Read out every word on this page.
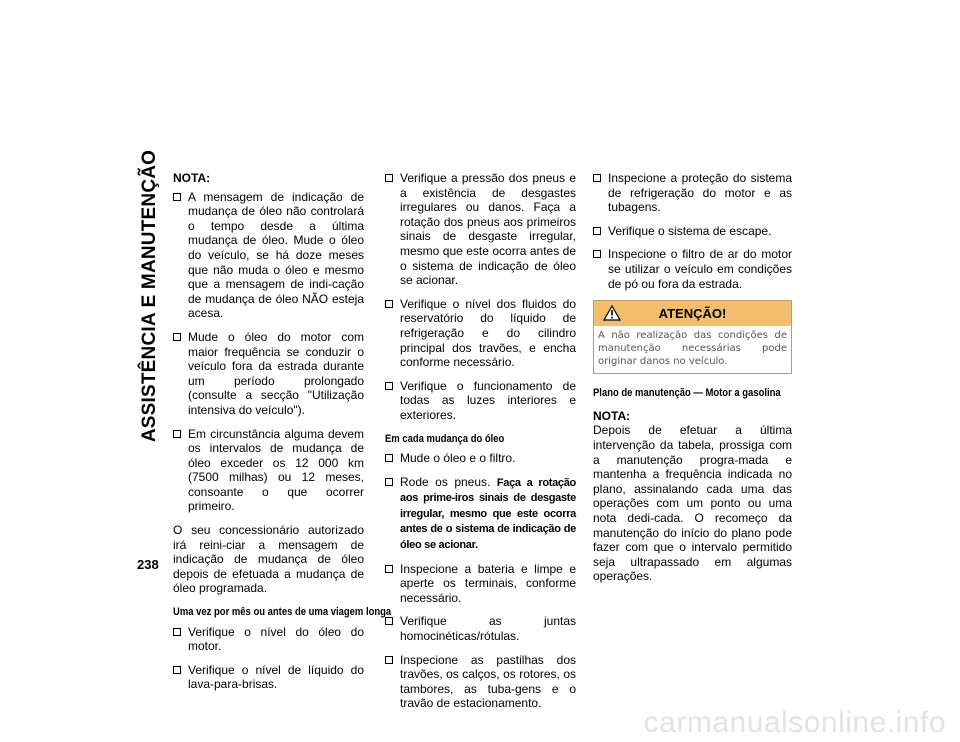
ASSISTÊNCIA E MANUTENÇÃO
238
NOTA:
A mensagem de indicação de mudança de óleo não controlará o tempo desde a última mudança de óleo. Mude o óleo do veículo, se há doze meses que não muda o óleo e mesmo que a mensagem de indi-cação de mudança de óleo NÃO esteja acesa.
Mude o óleo do motor com maior frequência se conduzir o veículo fora da estrada durante um período prolongado (consulte a secção "Utilização intensiva do veículo").
Em circunstância alguma devem os intervalos de mudança de óleo exceder os 12 000 km (7500 milhas) ou 12 meses, consoante o que ocorrer primeiro.

O seu concessionário autorizado irá reini-ciar a mensagem de indicação de mudança de óleo depois de efetuada a mudança de óleo programada.

Uma vez por mês ou antes de uma viagem longa
Verifique o nível do óleo do motor.
Verifique o nível de líquido do lava-para-brisas.
Verifique a pressão dos pneus e a existência de desgastes irregulares ou danos. Faça a rotação dos pneus aos primeiros sinais de desgaste irregular, mesmo que este ocorra antes de o sistema de indicação de óleo se acionar.
Verifique o nível dos fluidos do reservatório do líquido de refrigeração e do cilindro principal dos travões, e encha conforme necessário.
Verifique o funcionamento de todas as luzes interiores e exteriores.
Em cada mudança do óleo
Mude o óleo e o filtro.
Rode os pneus. Faça a rotação aos prime-iros sinais de desgaste irregular, mesmo que este ocorra antes de o sistema de indicação de óleo se acionar.
Inspecione a bateria e limpe e aperte os terminais, conforme necessário.
Verifique as juntas homocinéticas/rótulas.
Inspecione as pastilhas dos travões, os calços, os rotores, os tambores, as tuba-gens e o travão de estacionamento.
Inspecione a proteção do sistema de refrigeração do motor e as tubagens.
Verifique o sistema de escape.
Inspecione o filtro de ar do motor se utilizar o veículo em condições de pó ou fora da estrada.
ATENÇÃO!
A não realização das condições de manutenção necessárias pode originar danos no veículo.
Plano de manutenção — Motor a gasolina
NOTA:

Depois de efetuar a última intervenção da tabela, prossiga com a manutenção progra-mada e mantenha a frequência indicada no plano, assinalando cada uma das operações com um ponto ou uma nota dedi-cada. O recomeço da manutenção do início do plano pode fazer com que o intervalo permitido seja ultrapassado em algumas operações.

carmanualsonline.info
